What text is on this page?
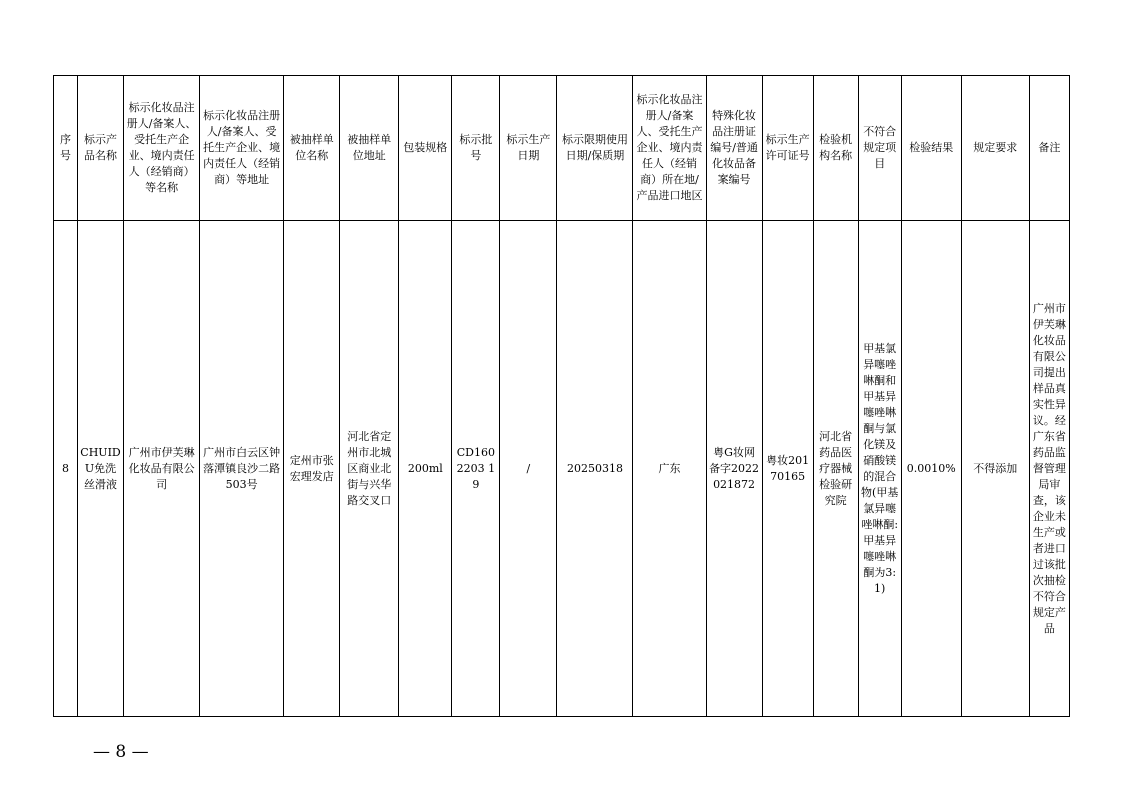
序号	标示产品名称	标示化妆品注册人/备案人、受托生产企业、境内责任人（经销商）等名称	标示化妆品注册人/备案人、受托生产企业、境内责任人（经销商）等地址	被抽样单位名称	被抽样单位地址	包装规格	标示批号	标示生产日期	标示限期使用日期/保质期	标示化妆品注册人/备案人、受托生产企业、境内责任人（经销商）所在地/产品进口地区	特殊化妆品注册证编号/普通化妆品备案编号	标示生产许可证号	检验机构名称	不符合规定项目	检验结果	规定要求	备注
8	CHUIDU免洗丝滑液	广州市伊芙琳化妆品有限公司	广州市白云区钟落潭镇良沙二路503号	定州市张宏理发店	河北省定州市北城区商业北街与兴华路交叉口	200ml	CD1602203 19	/	20250318	广东	粤G妆网备字2022021872	粤妆20170165	河北省药品医疗器械检验研究院	甲基氯异噻唑啉酮和甲基异噻唑啉酮与氯化镁及硝酸镁的混合物(甲基氯异噻唑啉酮:甲基异噻唑啉酮为3:1)	0.0010%	不得添加	广州市伊芙琳化妆品有限公司提出样品真实性异议。经广东省药品监督管理局审查，该企业未生产或者进口过该批次抽检不符合规定产品
— 8 —
